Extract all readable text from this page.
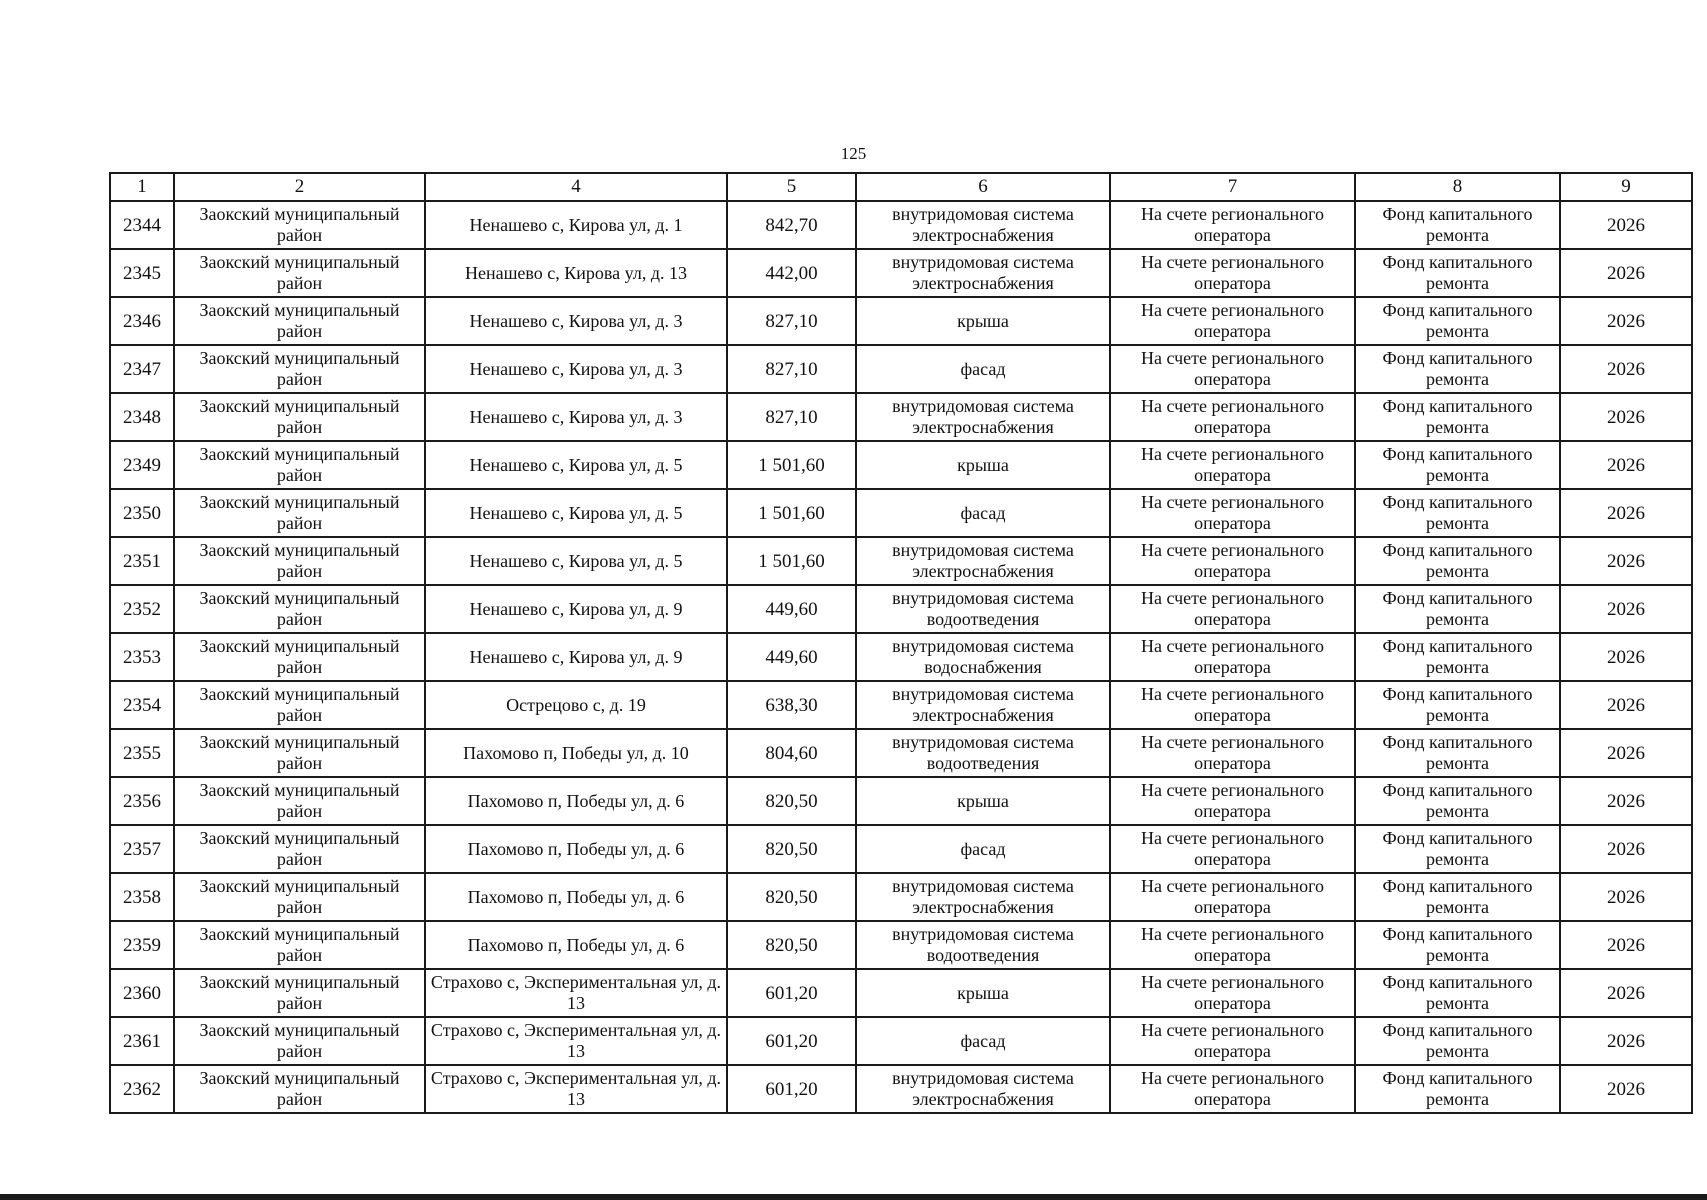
125
1	2	4	5	6	7	8	9
2344	Заокский муниципальный район	Ненашево с, Кирова ул, д. 1	842,70	внутридомовая система электроснабжения	На счете регионального оператора	Фонд капитального ремонта	2026
2345	Заокский муниципальный район	Ненашево с, Кирова ул, д. 13	442,00	внутридомовая система электроснабжения	На счете регионального оператора	Фонд капитального ремонта	2026
2346	Заокский муниципальный район	Ненашево с, Кирова ул, д. 3	827,10	крыша	На счете регионального оператора	Фонд капитального ремонта	2026
2347	Заокский муниципальный район	Ненашево с, Кирова ул, д. 3	827,10	фасад	На счете регионального оператора	Фонд капитального ремонта	2026
2348	Заокский муниципальный район	Ненашево с, Кирова ул, д. 3	827,10	внутридомовая система электроснабжения	На счете регионального оператора	Фонд капитального ремонта	2026
2349	Заокский муниципальный район	Ненашево с, Кирова ул, д. 5	1 501,60	крыша	На счете регионального оператора	Фонд капитального ремонта	2026
2350	Заокский муниципальный район	Ненашево с, Кирова ул, д. 5	1 501,60	фасад	На счете регионального оператора	Фонд капитального ремонта	2026
2351	Заокский муниципальный район	Ненашево с, Кирова ул, д. 5	1 501,60	внутридомовая система электроснабжения	На счете регионального оператора	Фонд капитального ремонта	2026
2352	Заокский муниципальный район	Ненашево с, Кирова ул, д. 9	449,60	внутридомовая система водоотведения	На счете регионального оператора	Фонд капитального ремонта	2026
2353	Заокский муниципальный район	Ненашево с, Кирова ул, д. 9	449,60	внутридомовая система водоснабжения	На счете регионального оператора	Фонд капитального ремонта	2026
2354	Заокский муниципальный район	Острецово с, д. 19	638,30	внутридомовая система электроснабжения	На счете регионального оператора	Фонд капитального ремонта	2026
2355	Заокский муниципальный район	Пахомово п, Победы ул, д. 10	804,60	внутридомовая система водоотведения	На счете регионального оператора	Фонд капитального ремонта	2026
2356	Заокский муниципальный район	Пахомово п, Победы ул, д. 6	820,50	крыша	На счете регионального оператора	Фонд капитального ремонта	2026
2357	Заокский муниципальный район	Пахомово п, Победы ул, д. 6	820,50	фасад	На счете регионального оператора	Фонд капитального ремонта	2026
2358	Заокский муниципальный район	Пахомово п, Победы ул, д. 6	820,50	внутридомовая система электроснабжения	На счете регионального оператора	Фонд капитального ремонта	2026
2359	Заокский муниципальный район	Пахомово п, Победы ул, д. 6	820,50	внутридомовая система водоотведения	На счете регионального оператора	Фонд капитального ремонта	2026
2360	Заокский муниципальный район	Страхово с, Экспериментальная ул, д. 13	601,20	крыша	На счете регионального оператора	Фонд капитального ремонта	2026
2361	Заокский муниципальный район	Страхово с, Экспериментальная ул, д. 13	601,20	фасад	На счете регионального оператора	Фонд капитального ремонта	2026
2362	Заокский муниципальный район	Страхово с, Экспериментальная ул, д. 13	601,20	внутридомовая система электроснабжения	На счете регионального оператора	Фонд капитального ремонта	2026
